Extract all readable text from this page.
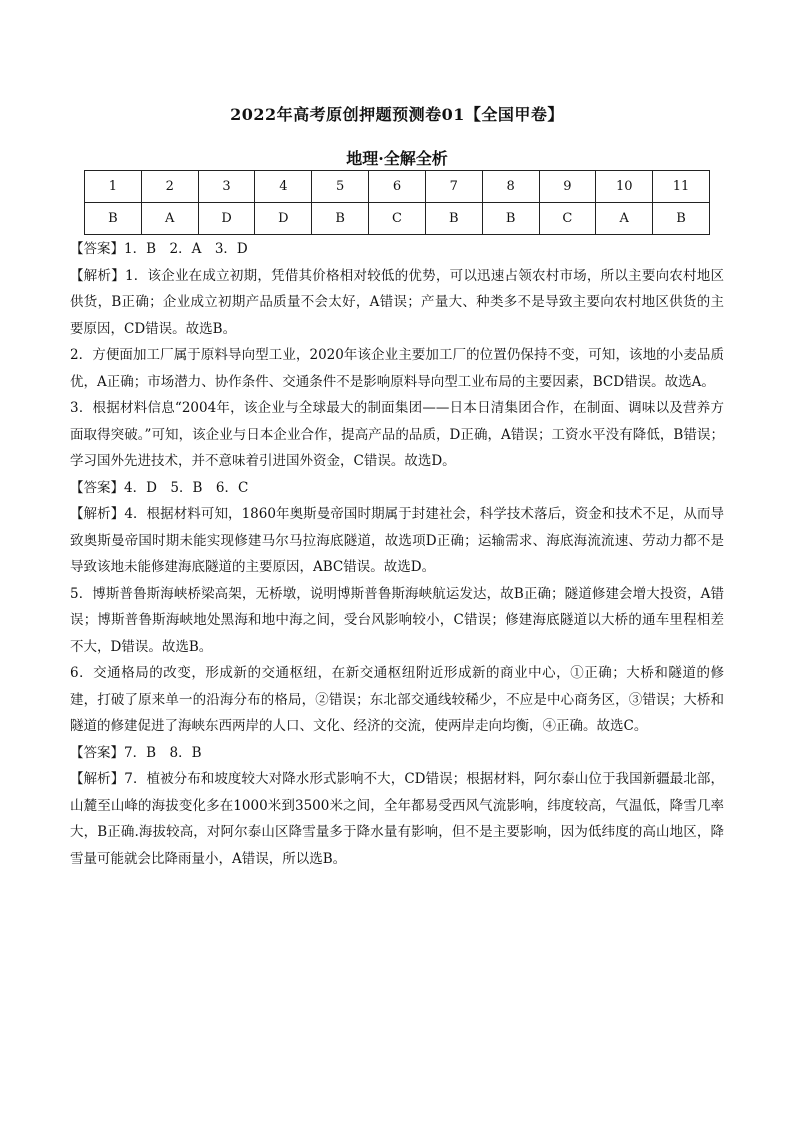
2022年高考原创押题预测卷01【全国甲卷】
地理·全解全析
1	2	3	4	5	6	7	8	9	10	11
B	A	D	D	B	C	B	B	C	A	B

【答案】1．B　2．A　3．D

【解析】1．该企业在成立初期，凭借其价格相对较低的优势，可以迅速占领农村市场，所以主要向农村地区供货，B正确；企业成立初期产品质量不会太好，A错误；产量大、种类多不是导致主要向农村地区供货的主要原因，CD错误。故选B。

2．方便面加工厂属于原料导向型工业，2020年该企业主要加工厂的位置仍保持不变，可知，该地的小麦品质优，A正确；市场潜力、协作条件、交通条件不是影响原料导向型工业布局的主要因素，BCD错误。故选A。

3．根据材料信息“2004年，该企业与全球最大的制面集团——日本日清集团合作，在制面、调味以及营养方面取得突破。”可知，该企业与日本企业合作，提高产品的品质，D正确，A错误；工资水平没有降低，B错误；学习国外先进技术，并不意味着引进国外资金，C错误。故选D。

【答案】4．D　5．B　6．C

【解析】4．根据材料可知，1860年奥斯曼帝国时期属于封建社会，科学技术落后，资金和技术不足，从而导致奥斯曼帝国时期未能实现修建马尔马拉海底隧道，故选项D正确；运输需求、海底海流流速、劳动力都不是导致该地未能修建海底隧道的主要原因，ABC错误。故选D。

5．博斯普鲁斯海峡桥梁高架，无桥墩，说明博斯普鲁斯海峡航运发达，故B正确；隧道修建会增大投资，A错误；博斯普鲁斯海峡地处黑海和地中海之间，受台风影响较小，C错误；修建海底隧道以大桥的通车里程相差不大，D错误。故选B。

6．交通格局的改变，形成新的交通枢纽，在新交通枢纽附近形成新的商业中心，①正确；大桥和隧道的修建，打破了原来单一的沿海分布的格局，②错误；东北部交通线较稀少，不应是中心商务区，③错误；大桥和隧道的修建促进了海峡东西两岸的人口、文化、经济的交流，使两岸走向均衡，④正确。故选C。

【答案】7．B　8．B

【解析】7．植被分布和坡度较大对降水形式影响不大，CD错误；根据材料，阿尔泰山位于我国新疆最北部，山麓至山峰的海拔变化多在1000米到3500米之间，全年都易受西风气流影响，纬度较高，气温低，降雪几率大，B正确.海拔较高，对阿尔泰山区降雪量多于降水量有影响，但不是主要影响，因为低纬度的高山地区，降雪量可能就会比降雨量小，A错误，所以选B。
